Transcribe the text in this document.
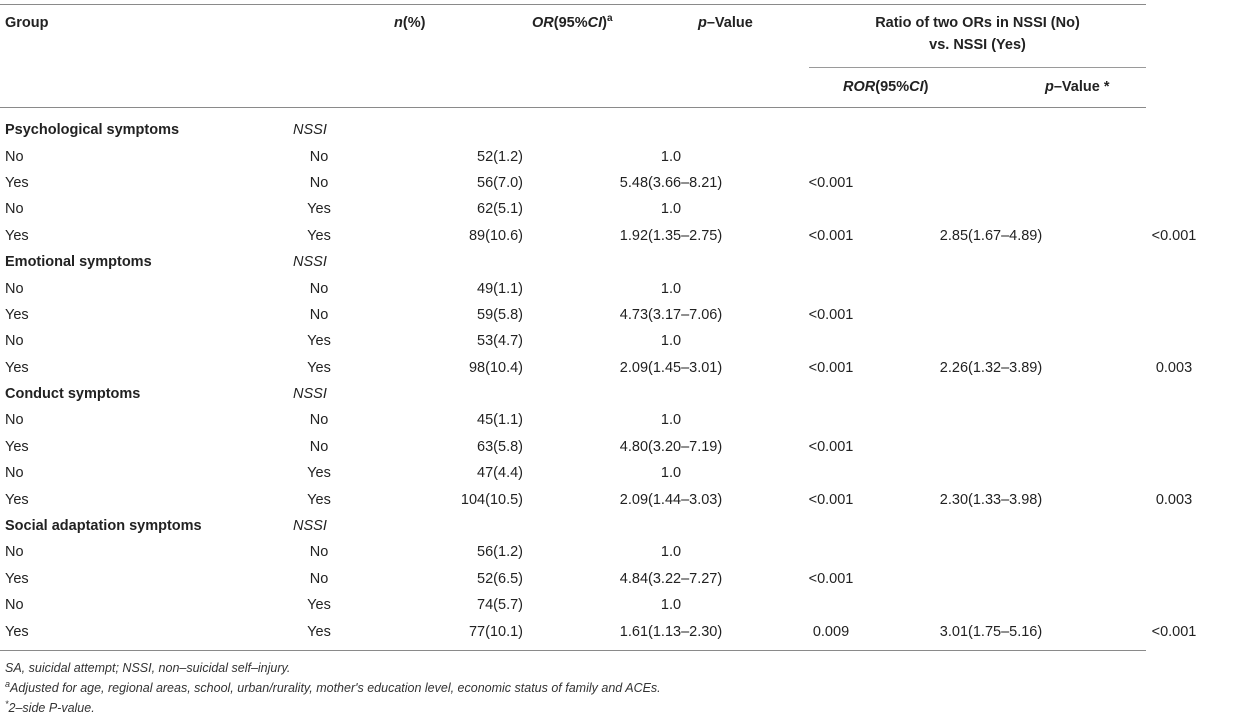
Group	n(%)	$OR(95\%CI)^a$	p–Value	Ratio of two ORs in NSSI (No)
vs. NSSI (Yes)
ROR(95%CI)	p–Value *
Psychological symptoms	NSSI					
No	No	52(1.2)	1.0			
Yes	No	56(7.0)	5.48(3.66–8.21)	<0.001		
No	Yes	62(5.1)	1.0			
Yes	Yes	89(10.6)	1.92(1.35–2.75)	<0.001	2.85(1.67–4.89)	<0.001
Emotional symptoms	NSSI					
No	No	49(1.1)	1.0			
Yes	No	59(5.8)	4.73(3.17–7.06)	<0.001		
No	Yes	53(4.7)	1.0			
Yes	Yes	98(10.4)	2.09(1.45–3.01)	<0.001	2.26(1.32–3.89)	0.003
Conduct symptoms	NSSI					
No	No	45(1.1)	1.0			
Yes	No	63(5.8)	4.80(3.20–7.19)	<0.001		
No	Yes	47(4.4)	1.0			
Yes	Yes	104(10.5)	2.09(1.44–3.03)	<0.001	2.30(1.33–3.98)	0.003
Social adaptation symptoms	NSSI					
No	No	56(1.2)	1.0			
Yes	No	52(6.5)	4.84(3.22–7.27)	<0.001		
No	Yes	74(5.7)	1.0			
Yes	Yes	77(10.1)	1.61(1.13–2.30)	0.009	3.01(1.75–5.16)	<0.001
SA, suicidal attempt; NSSI, non–suicidal self–injury.
$^a$Adjusted for age, regional areas, school, urban/rurality, mother's education level, economic status of family and ACEs.
*2–side P-value.
